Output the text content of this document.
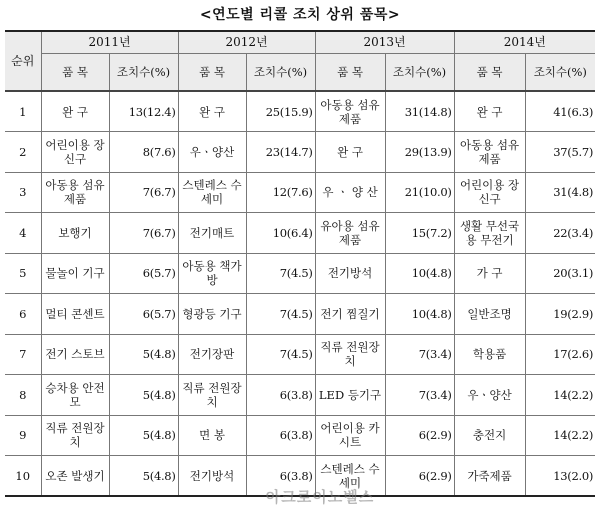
<연도별 리콜 조치 상위 품목>
순위	2011년		2012년		2013년		2014년	
	품 목	조치수(%)	품 목	조치수(%)	품 목	조치수(%)	품 목	조치수(%)
1	완 구	13(12.4)	완 구	25(15.9)	아동용 섬유제품	31(14.8)	완 구	41(6.3)
2	어린이용 장신구	8(7.6)	우ㆍ양산	23(14.7)	완 구	29(13.9)	아동용 섬유제품	37(5.7)
3	아동용 섬유제품	7(6.7)	스텐레스 수세미	12(7.6)	우 ㆍ 양 산	21(10.0)	어린이용 장신구	31(4.8)
4	보행기	7(6.7)	전기매트	10(6.4)	유아용 섬유제품	15(7.2)	생활 무선국용 무전기	22(3.4)
5	물놀이 기구	6(5.7)	아동용 책가방	7(4.5)	전기방석	10(4.8)	가 구	20(3.1)
6	멀티 콘센트	6(5.7)	형광등 기구	7(4.5)	전기 찜질기	10(4.8)	일반조명	19(2.9)
7	전기 스토브	5(4.8)	전기장판	7(4.5)	직류 전원장치	7(3.4)	학용품	17(2.6)
8	승차용 안전모	5(4.8)	직류 전원장치	6(3.8)	LED 등기구	7(3.4)	우ㆍ양산	14(2.2)
9	직류 전원장치	5(4.8)	면 봉	6(3.8)	어린이용 카시트	6(2.9)	충전지	14(2.2)
10	오존 발생기	5(4.8)	전기방석	6(3.8)	스텐레스 수세미	6(2.9)	가죽제품	13(2.0)
아크로이노벨스
